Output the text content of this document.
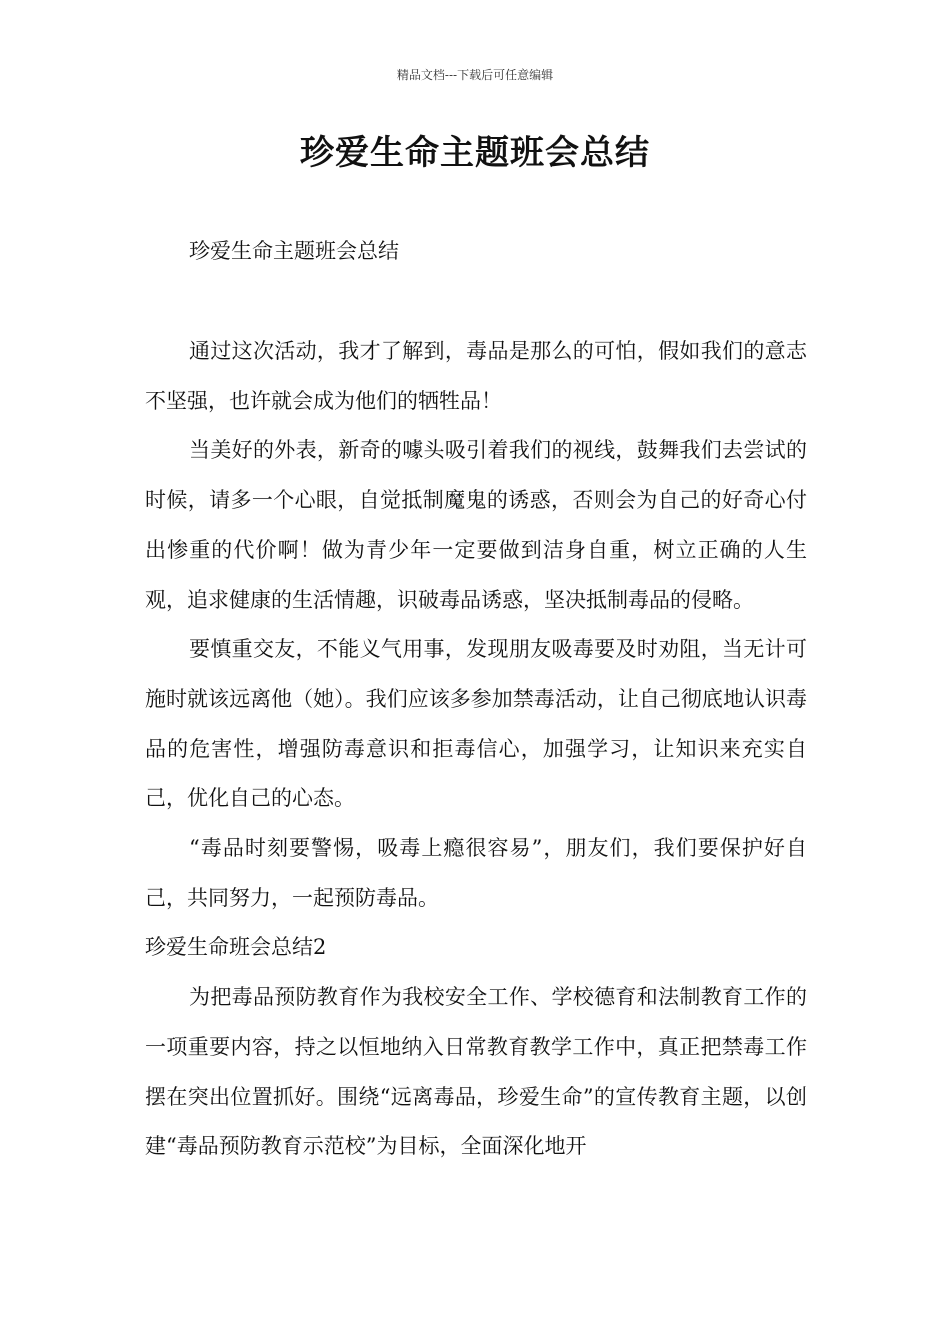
精品文档---下载后可任意编辑
珍爱生命主题班会总结
珍爱生命主题班会总结

通过这次活动，我才了解到，毒品是那么的可怕，假如我们的意志不坚强，也许就会成为他们的牺牲品！

当美好的外表，新奇的噱头吸引着我们的视线，鼓舞我们去尝试的时候，请多一个心眼，自觉抵制魔鬼的诱惑，否则会为自己的好奇心付出惨重的代价啊！做为青少年一定要做到洁身自重，树立正确的人生观，追求健康的生活情趣，识破毒品诱惑，坚决抵制毒品的侵略。

要慎重交友，不能义气用事，发现朋友吸毒要及时劝阻，当无计可施时就该远离他（她）。我们应该多参加禁毒活动，让自己彻底地认识毒品的危害性，增强防毒意识和拒毒信心，加强学习，让知识来充实自己，优化自己的心态。

“毒品时刻要警惕，吸毒上瘾很容易”，朋友们，我们要保护好自己，共同努力，一起预防毒品。

珍爱生命班会总结2

为把毒品预防教育作为我校安全工作、学校德育和法制教育工作的一项重要内容，持之以恒地纳入日常教育教学工作中，真正把禁毒工作摆在突出位置抓好。围绕“远离毒品，珍爱生命”的宣传教育主题，以创建“毒品预防教育示范校”为目标，全面深化地开
